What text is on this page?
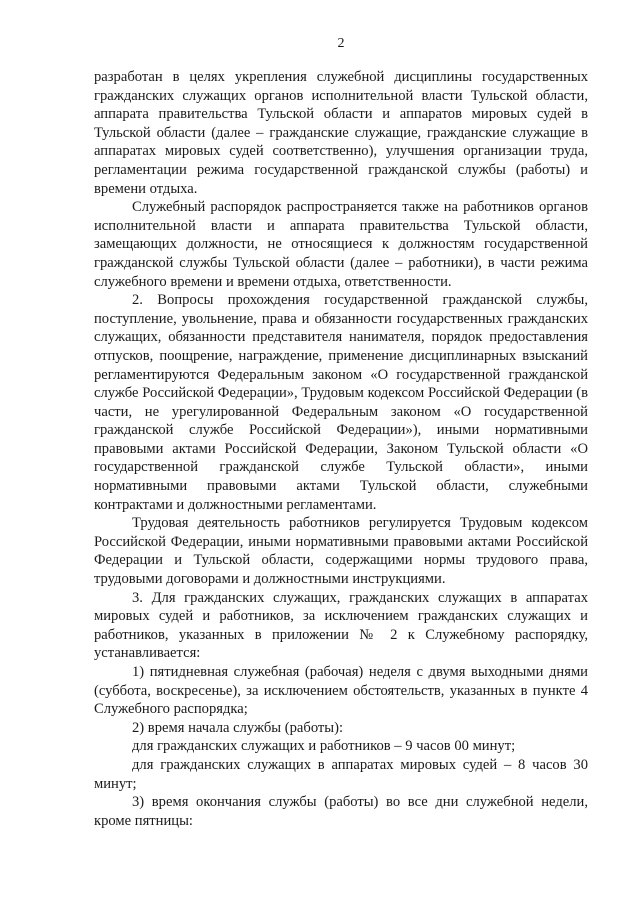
2

разработан в целях укрепления служебной дисциплины государственных гражданских служащих органов исполнительной власти Тульской области, аппарата правительства Тульской области и аппаратов мировых судей в Тульской области (далее – гражданские служащие, гражданские служащие в аппаратах мировых судей соответственно), улучшения организации труда, регламентации режима государственной гражданской службы (работы) и времени отдыха.

Служебный распорядок распространяется также на работников органов исполнительной власти и аппарата правительства Тульской области, замещающих должности, не относящиеся к должностям государственной гражданской службы Тульской области (далее – работники), в части режима служебного времени и времени отдыха, ответственности.

2. Вопросы прохождения государственной гражданской службы, поступление, увольнение, права и обязанности государственных гражданских служащих, обязанности представителя нанимателя, порядок предоставления отпусков, поощрение, награждение, применение дисциплинарных взысканий регламентируются Федеральным законом «О государственной гражданской службе Российской Федерации», Трудовым кодексом Российской Федерации (в части, не урегулированной Федеральным законом «О государственной гражданской службе Российской Федерации»), иными нормативными правовыми актами Российской Федерации, Законом Тульской области «О государственной гражданской службе Тульской области», иными нормативными правовыми актами Тульской области, служебными контрактами и должностными регламентами.

Трудовая деятельность работников регулируется Трудовым кодексом Российской Федерации, иными нормативными правовыми актами Российской Федерации и Тульской области, содержащими нормы трудового права, трудовыми договорами и должностными инструкциями.

3. Для гражданских служащих, гражданских служащих в аппаратах мировых судей и работников, за исключением гражданских служащих и работников, указанных в приложении № 2 к Служебному распорядку, устанавливается:

1) пятидневная служебная (рабочая) неделя с двумя выходными днями (суббота, воскресенье), за исключением обстоятельств, указанных в пункте 4 Служебного распорядка;

2) время начала службы (работы):

для гражданских служащих и работников – 9 часов 00 минут;

для гражданских служащих в аппаратах мировых судей – 8 часов 30 минут;

3) время окончания службы (работы) во все дни служебной недели, кроме пятницы:
